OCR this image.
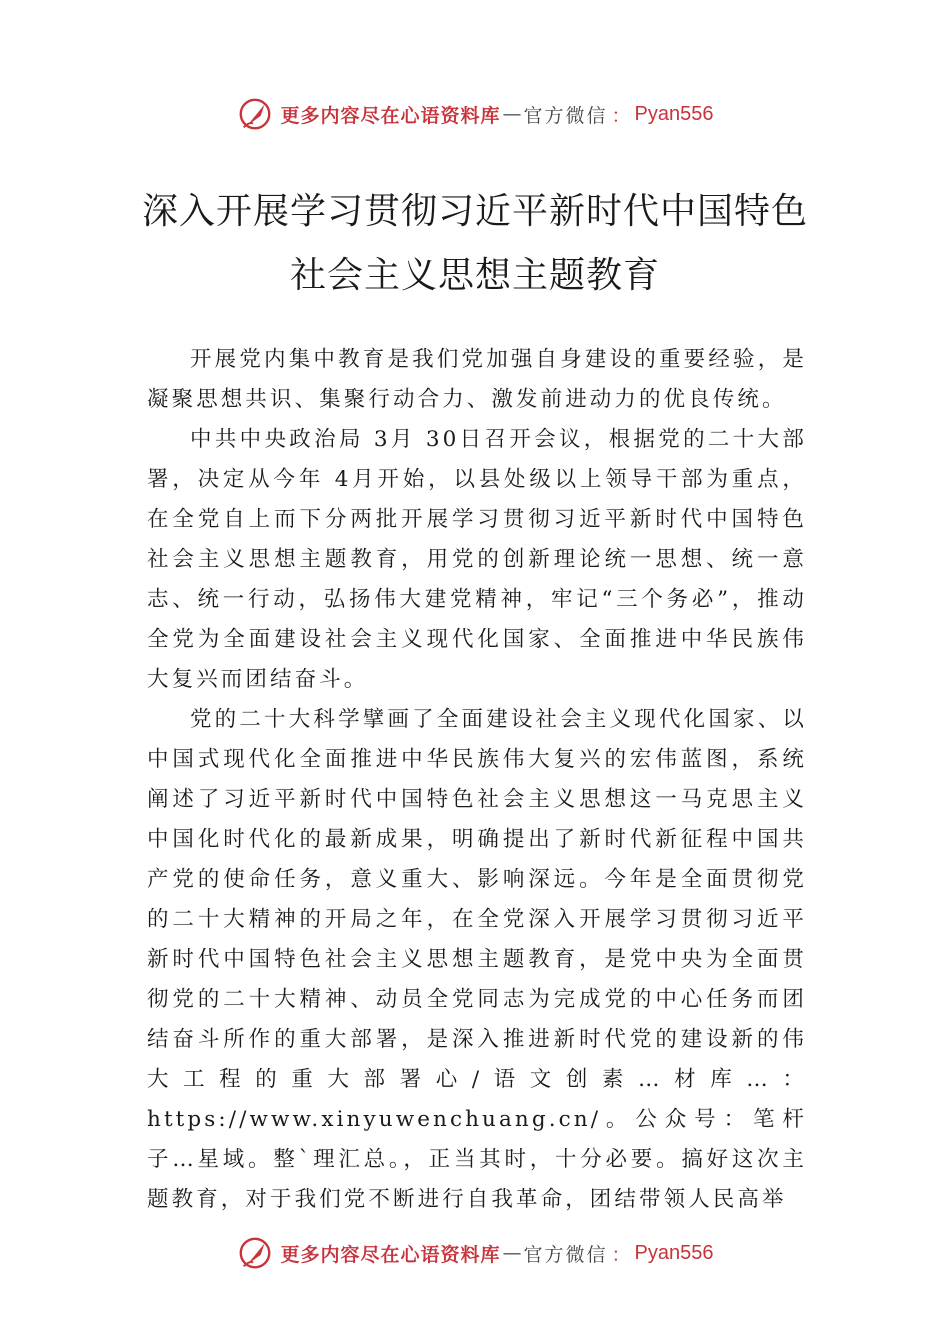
更多内容尽在心语资料库 — 官方微信 ： Pyan556
深入开展学习贯彻习近平新时代中国特色
社会主义思想主题教育

开展党内集中教育是我们党加强自身建设的重要经验，是凝聚思想共识、集聚行动合力、激发前进动力的优良传统。

中共中央政治局 3月 30日召开会议，根据党的二十大部署，决定从今年 4月开始，以县处级以上领导干部为重点，在全党自上而下分两批开展学习贯彻习近平新时代中国特色社会主义思想主题教育，用党的创新理论统一思想、统一意志、统一行动，弘扬伟大建党精神，牢记“三个务必”，推动全党为全面建设社会主义现代化国家、全面推进中华民族伟大复兴而团结奋斗。

党的二十大科学擘画了全面建设社会主义现代化国家、以中国式现代化全面推进中华民族伟大复兴的宏伟蓝图，系统阐述了习近平新时代中国特色社会主义思想这一马克思主义中国化时代化的最新成果，明确提出了新时代新征程中国共产党的使命任务，意义重大、影响深远。今年是全面贯彻党的二十大精神的开局之年，在全党深入开展学习贯彻习近平新时代中国特色社会主义思想主题教育，是党中央为全面贯彻党的二十大精神、动员全党同志为完成党的中心任务而团结奋斗所作的重大部署，是深入推进新时代党的建设新的伟大工程的重大部署心/语文创素…材库…：https://www.xinyuwenchuang.cn/。公众号：笔杆子…星域。整`理汇总。，正当其时，十分必要。搞好这次主题教育，对于我们党不断进行自我革命，团结带领人民高举

更多内容尽在心语资料库 — 官方微信 ： Pyan556
